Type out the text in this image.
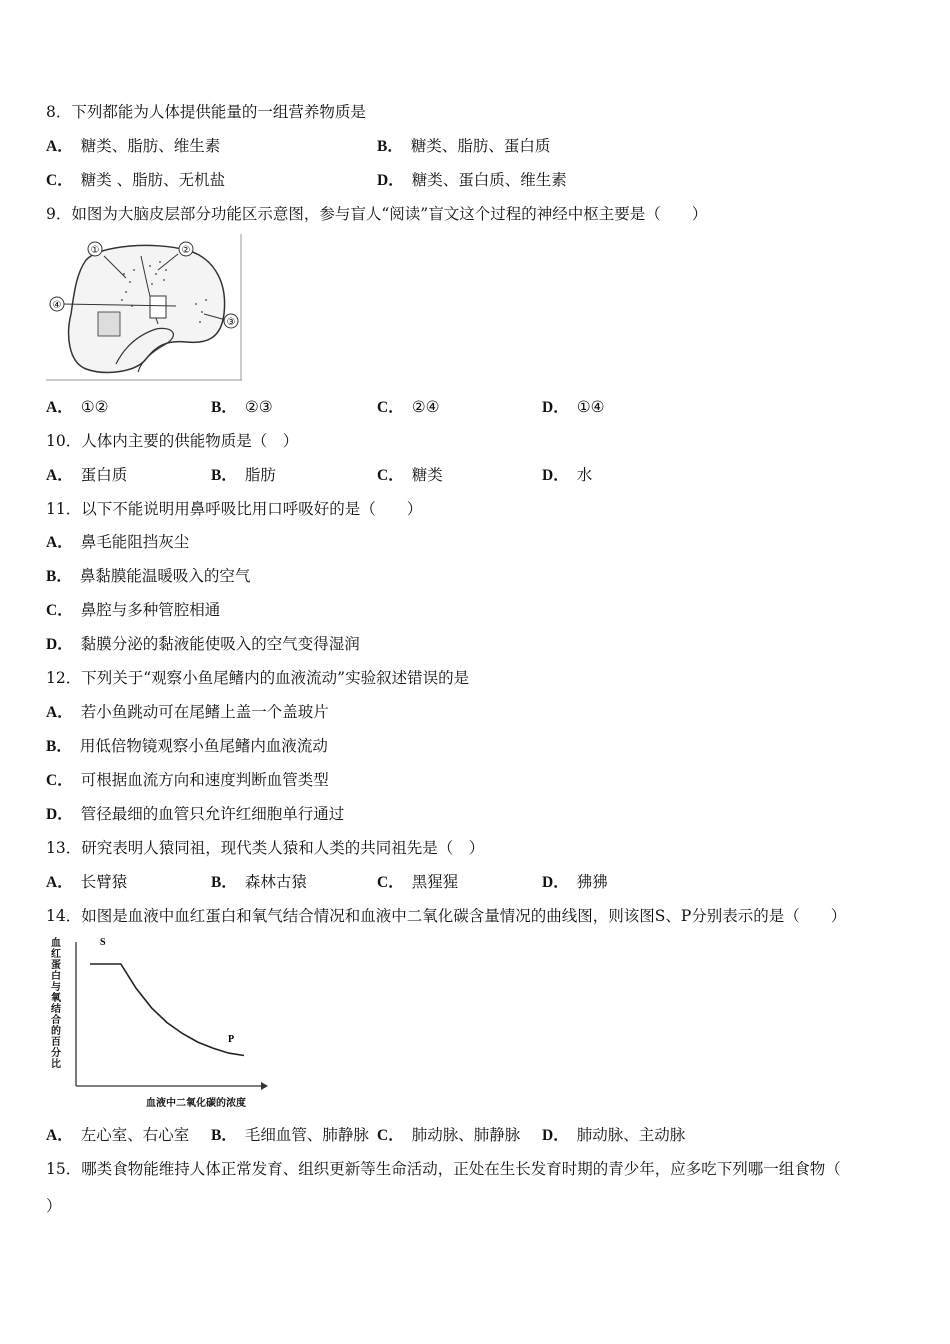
8．下列都能为人体提供能量的一组营养物质是
A． 糖类、脂肪、维生素	B． 糖类、脂肪、蛋白质
C． 糖类 、脂肪、无机盐	D． 糖类、蛋白质、维生素
9．如图为大脑皮层部分功能区示意图，参与盲人“阅读”盲文这个过程的神经中枢主要是（　　）
①	②
③
④
A． ①②	B． ②③	C． ②④	D． ①④
10．人体内主要的供能物质是（　）
A． 蛋白质	B． 脂肪	C． 糖类	D． 水
11．以下不能说明用鼻呼吸比用口呼吸好的是（　　）
A． 鼻毛能阻挡灰尘
B． 鼻黏膜能温暖吸入的空气
C． 鼻腔与多种管腔相通
D． 黏膜分泌的黏液能使吸入的空气变得湿润
12．下列关于“观察小鱼尾鳍内的血液流动”实验叙述错误的是
A． 若小鱼跳动可在尾鳍上盖一个盖玻片
B． 用低倍物镜观察小鱼尾鳍内血液流动
C． 可根据血流方向和速度判断血管类型
D． 管径最细的血管只允许红细胞单行通过
13．研究表明人猿同祖，现代类人猿和人类的共同祖先是（　）
A． 长臂猿	B． 森林古猿	C． 黑猩猩	D． 狒狒
14．如图是血液中血红蛋白和氧气结合情况和血液中二氧化碳含量情况的曲线图，则该图S、P分别表示的是（　　）
血红蛋白与氧结合的百分比
S
P
血液中二氧化碳的浓度
A． 左心室、右心室 B． 毛细血管、肺静脉 C． 肺动脉、肺静脉 D． 肺动脉、主动脉
15．哪类食物能维持人体正常发育、组织更新等生命活动，正处在生长发育时期的青少年，应多吃下列哪一组食物（
）
